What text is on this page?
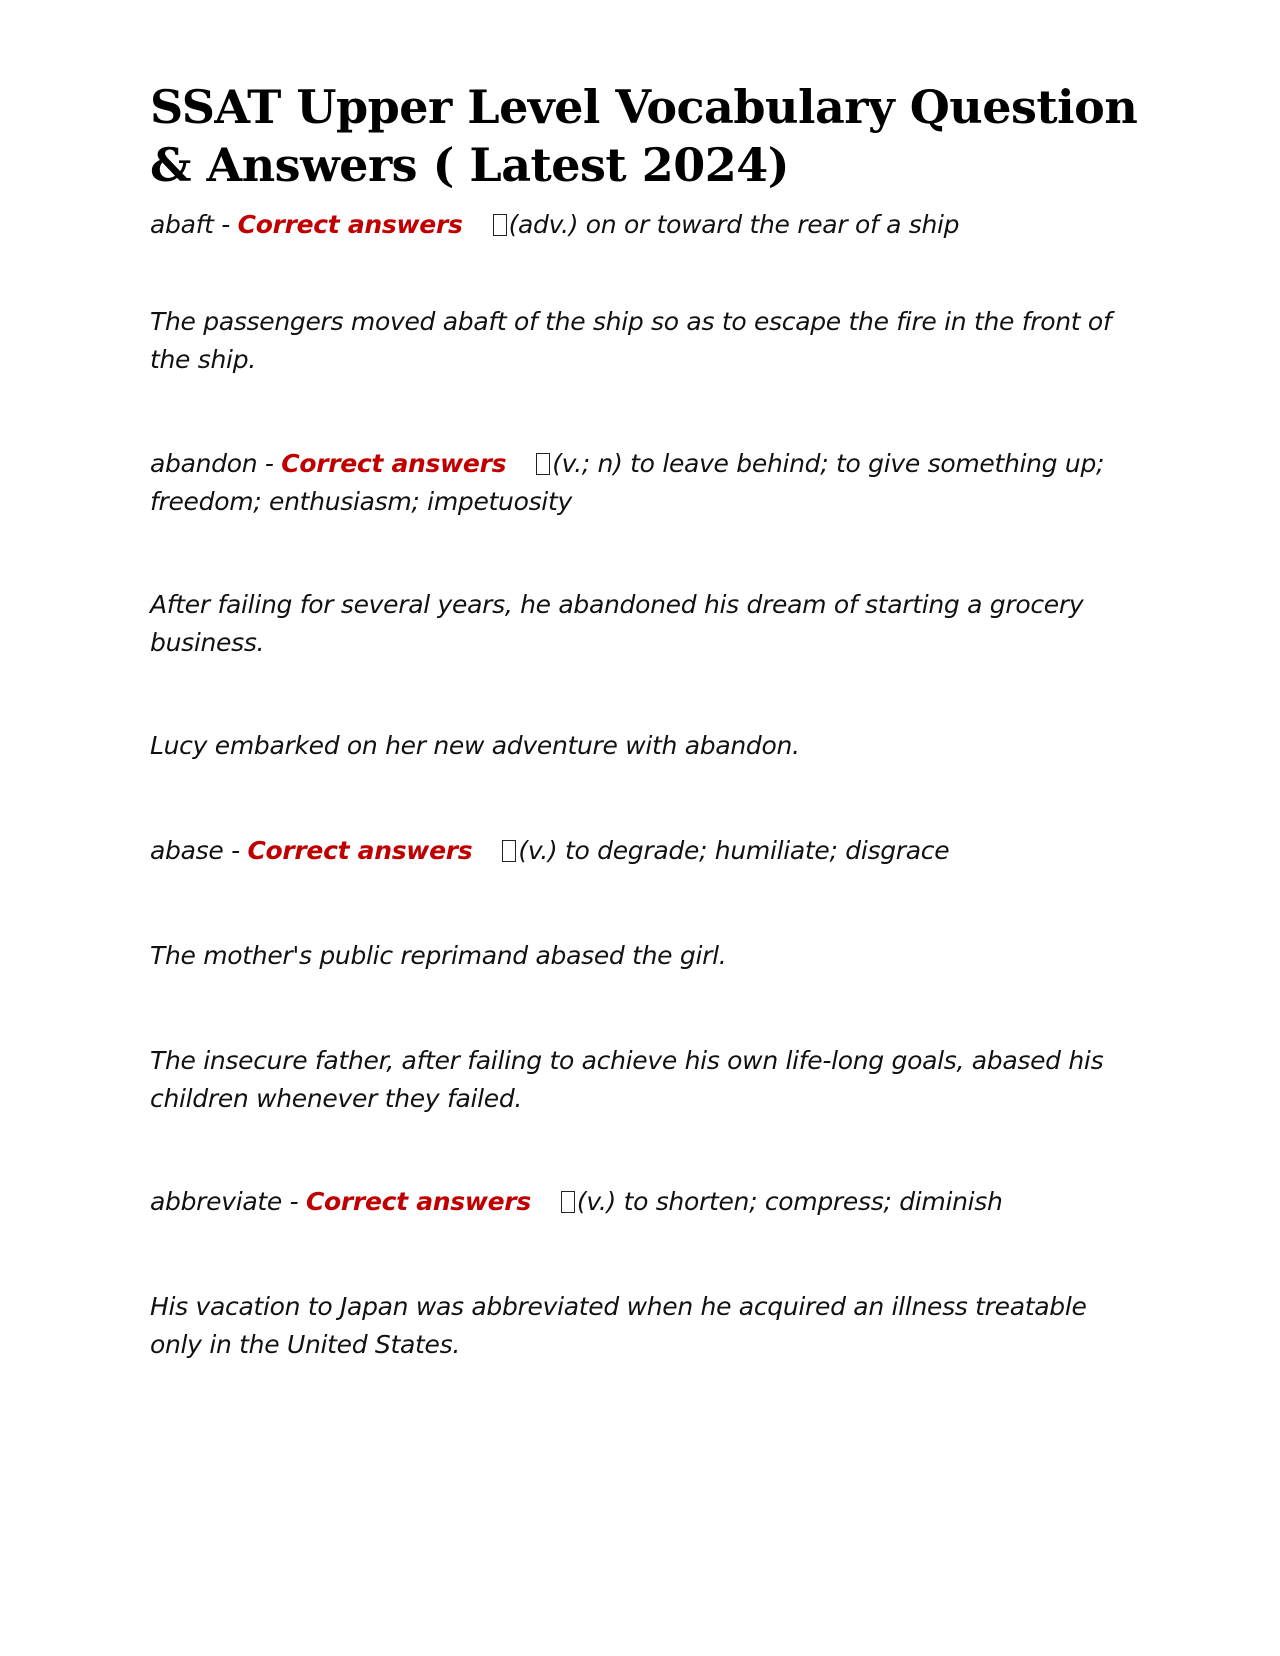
SSAT Upper Level Vocabulary Question & Answers ( Latest 2024)

abaft - Correct answers (adv.) on or toward the rear of a ship

The passengers moved abaft of the ship so as to escape the fire in the front of the ship.

abandon - Correct answers (v.; n) to leave behind; to give something up; freedom; enthusiasm; impetuosity

After failing for several years, he abandoned his dream of starting a grocery business.

Lucy embarked on her new adventure with abandon.

abase - Correct answers (v.) to degrade; humiliate; disgrace

The mother's public reprimand abased the girl.

The insecure father, after failing to achieve his own life-long goals, abased his children whenever they failed.

abbreviate - Correct answers (v.) to shorten; compress; diminish

His vacation to Japan was abbreviated when he acquired an illness treatable only in the United States.
